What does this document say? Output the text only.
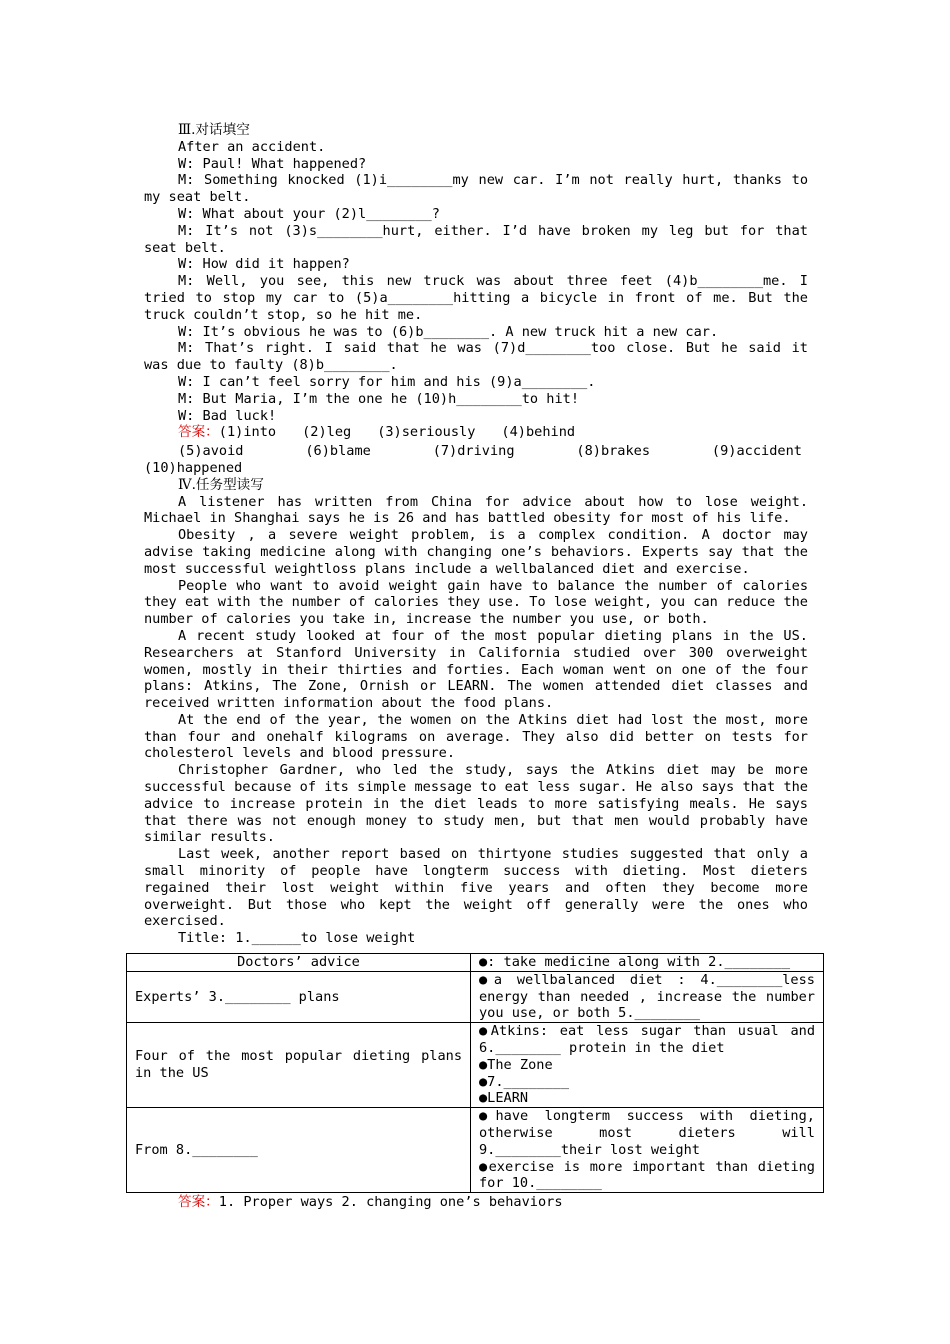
Ⅲ.对话填空

After an accident.

W: Paul! What happened?

M: Something knocked (1)i________my new car. I’m not really hurt, thanks to my seat belt.

W: What about your (2)l________?

M: It’s not (3)s________hurt, either. I’d have broken my leg but for that seat belt.

W: How did it happen?

M: Well, you see, this new truck was about three feet (4)b________me. I tried to stop my car to (5)a________hitting a bicycle in front of me. But the truck couldn’t stop, so he hit me.

W: It’s obvious he was to (6)b________. A new truck hit a new car.

M: That’s right. I said that he was (7)d________too close. But he said it was due to faulty (8)b________.

W: I can’t feel sorry for him and his (9)a________.

M: But Maria, I’m the one he (10)h________to hit!

W: Bad luck!

答案： (1)into (2)leg (3)seriously (4)behind
(5)avoid	(6)blame	(7)driving	(8)brakes	(9)accident

(10)happened

Ⅳ.任务型读写

A listener has written from China for advice about how to lose weight. Michael in Shanghai says he is 26 and has battled obesity for most of his life.

Obesity , a severe weight problem, is a complex condition. A doctor may advise taking medicine along with changing one’s behaviors. Experts say that the most successful weightloss plans include a wellbalanced diet and exercise.

People who want to avoid weight gain have to balance the number of calories they eat with the number of calories they use. To lose weight, you can reduce the number of calories you take in, increase the number you use, or both.

A recent study looked at four of the most popular dieting plans in the US. Researchers at Stanford University in California studied over 300 overweight women, mostly in their thirties and forties. Each woman went on one of the four plans: Atkins, The Zone, Ornish or LEARN. The women attended diet classes and received written information about the food plans.

At the end of the year, the women on the Atkins diet had lost the most, more than four and onehalf kilograms on average. They also did better on tests for cholesterol levels and blood pressure.

Christopher Gardner, who led the study, says the Atkins diet may be more successful because of its simple message to eat less sugar. He also says that the advice to increase protein in the diet leads to more satisfying meals. He says that there was not enough money to study men, but that men would probably have similar results.

Last week, another report based on thirtyone studies suggested that only a small minority of people have longterm success with dieting. Most dieters regained their lost weight within five years and often they become more overweight. But those who kept the weight off generally were the ones who exercised.

Title: 1.______to lose weight

Doctors’ advice	●: take medicine along with 2.________
Experts’ 3.________ plans	●a wellbalanced diet : 4.________less energy than needed , increase the number you use, or both 5.________
Four of the most popular dieting plans in the US	●Atkins: eat less sugar than usual and 6.________ protein in the diet
●The Zone
●7.________
●LEARN

From 8.________	●have longterm success with dieting, otherwise most dieters will 9.________their lost weight
●exercise is more important than dieting for 10.________

答案：1. Proper ways 2. changing one’s behaviors
